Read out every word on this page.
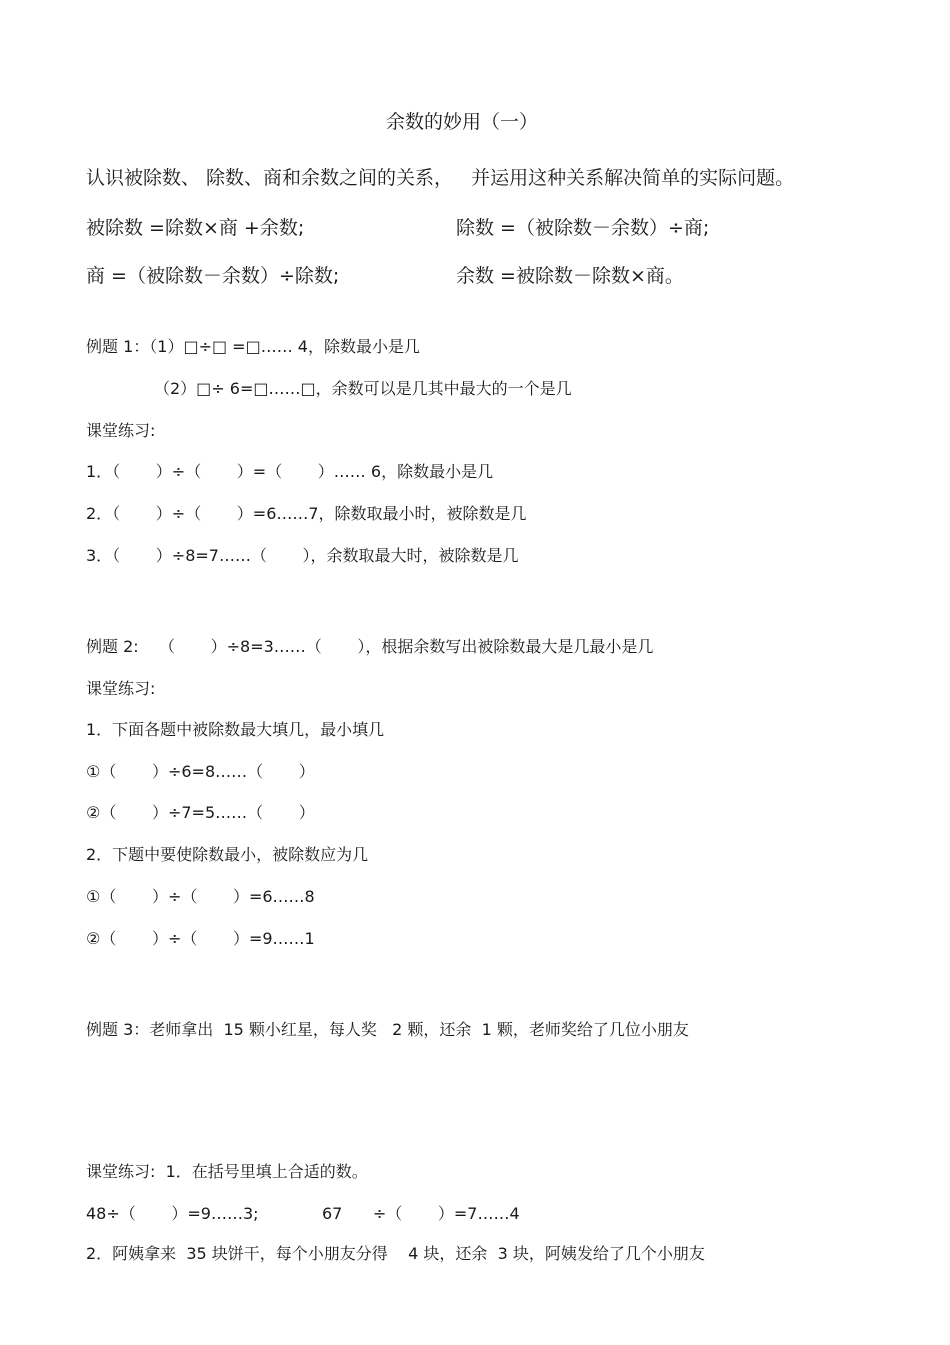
余数的妙用（一）
认识被除数、 除数、商和余数之间的关系，   并运用这种关系解决简单的实际问题。
被除数 =除数×商 +余数;	除数 =（被除数－余数）÷商;
商 =（被除数－余数）÷除数;	余数 =被除数－除数×商。
例题 1：（1）□÷□ =□…… 4，除数最小是几
（2）□÷ 6=□……□，余数可以是几其中最大的一个是几
课堂练习:
1．（       ）÷（       ）=（       ）…… 6，除数最小是几
2．（       ）÷（       ）=6……7，除数取最小时，被除数是几
3．（       ）÷8=7……（       ），余数取最大时，被除数是几
例题 2:    （       ）÷8=3……（       ），根据余数写出被除数最大是几最小是几
课堂练习:
1．下面各题中被除数最大填几，最小填几
①（       ）÷6=8……（       ）
②（       ）÷7=5……（       ）
2．下题中要使除数最小，被除数应为几
①（       ）÷（       ）=6……8
②（       ）÷（       ）=9……1
例题 3：老师拿出  15 颗小红星，每人奖   2 颗，还余  1 颗，老师奖给了几位小朋友
课堂练习:  1．在括号里填上合适的数。
48÷（       ）=9……3;	67      ÷（       ）=7……4
2．阿姨拿来  35 块饼干，每个小朋友分得    4 块，还余  3 块，阿姨发给了几个小朋友
